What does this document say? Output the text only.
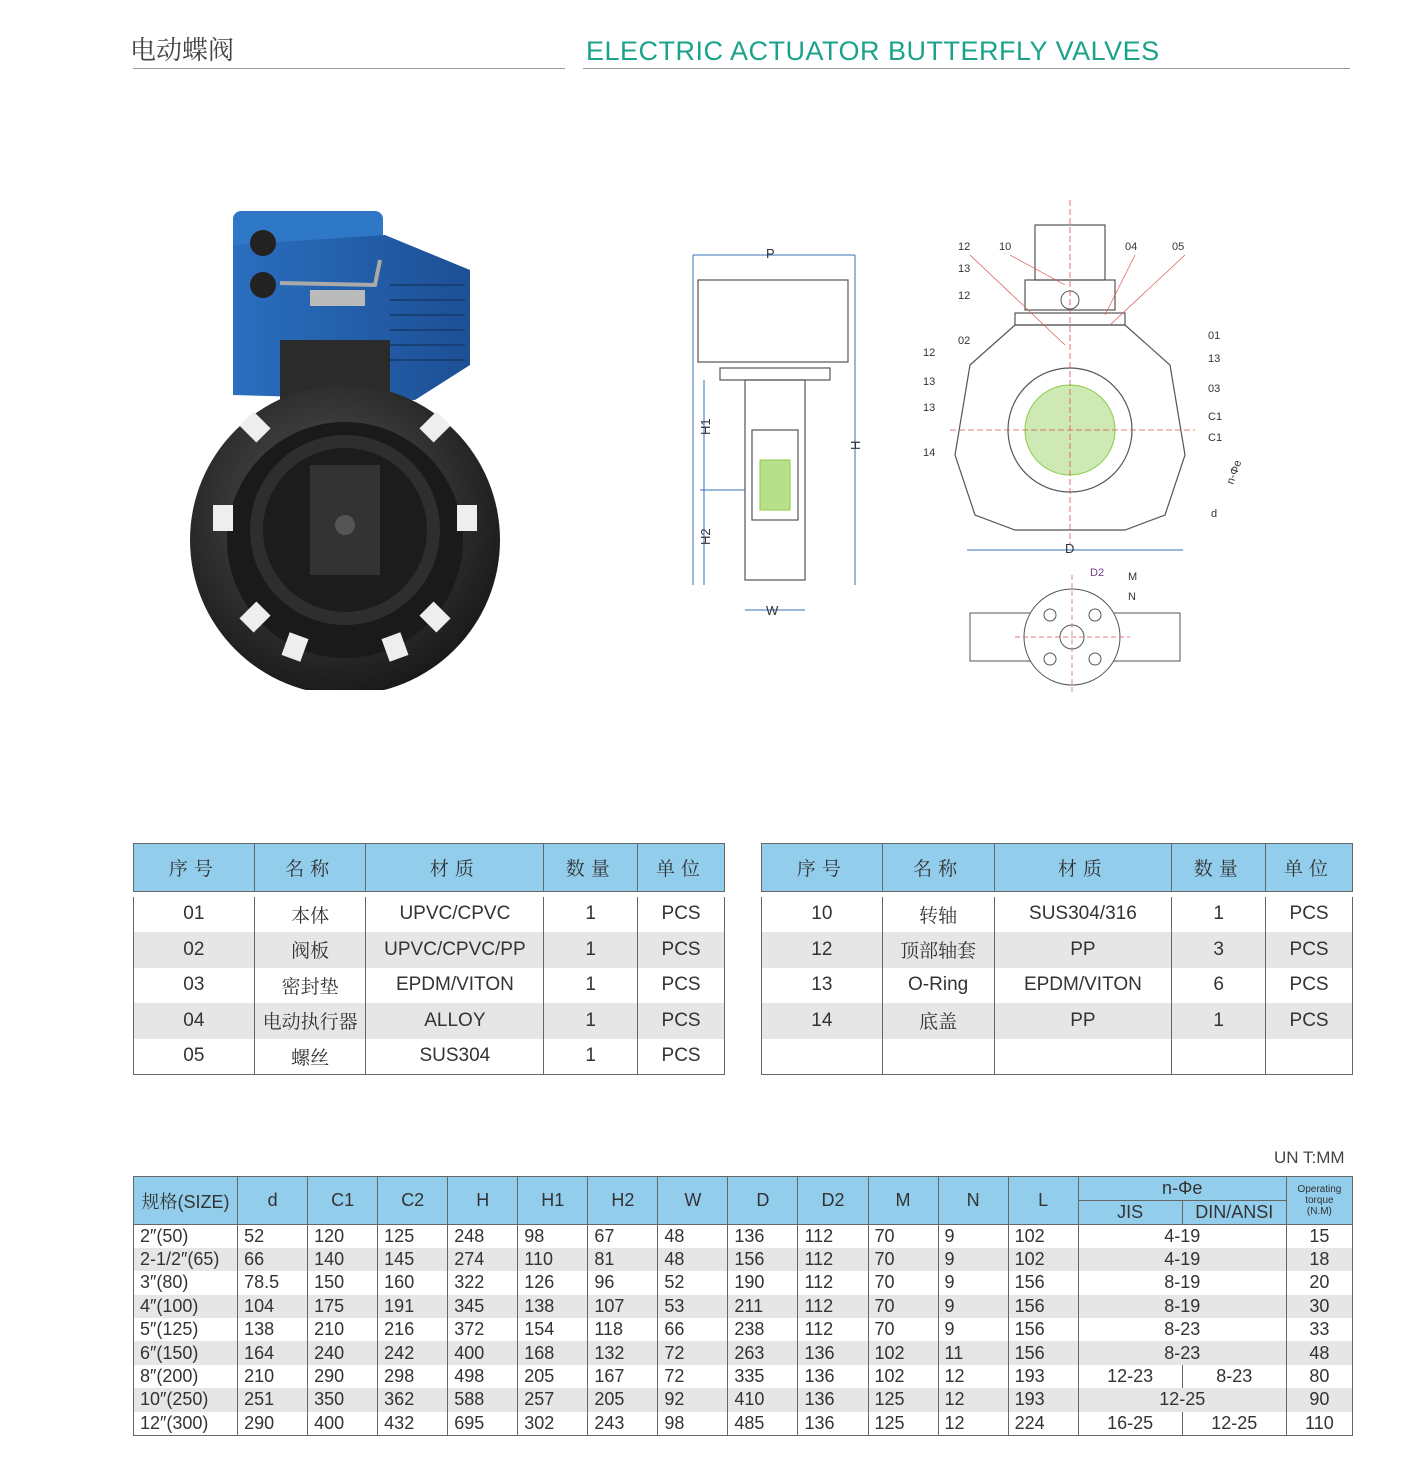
电动蝶阀	ELECTRIC ACTUATOR BUTTERFLY VALVES
P
H1
H2
H
W
12	10	04	05
13
12
01
02
13
12
03
13
C1
13
C1
14
n-Φe
d
D
D2 M
N
序号	名称	材质	数量	单位

01	本体	UPVC/CPVC	1	PCS
02	阀板	UPVC/CPVC/PP	1	PCS
03	密封垫	EPDM/VITON	1	PCS
04	电动执行器	ALLOY	1	PCS
05	螺丝	SUS304	1	PCS
序号	名称	材质	数量	单位

10	转轴	SUS304/316	1	PCS
12	顶部轴套	PP	3	PCS
13	O-Ring	EPDM/VITON	6	PCS
14	底盖	PP	1	PCS

UN T:MM
规格(SIZE)	d	C1	C2	H	H1	H2	W	D	D2	M	N	L	n-Φe		Operating
torque
(N.M)

													JIS	DIN/ANSI	
2″(50)	52	120	125	248	98	67	48	136	112	70	9	102	4-19		15
2-1/2″(65)	66	140	145	274	110	81	48	156	112	70	9	102	4-19		18
3″(80)	78.5	150	160	322	126	96	52	190	112	70	9	156	8-19		20
4″(100)	104	175	191	345	138	107	53	211	112	70	9	156	8-19		30
5″(125)	138	210	216	372	154	118	66	238	112	70	9	156	8-23		33
6″(150)	164	240	242	400	168	132	72	263	136	102	11	156	8-23		48
8″(200)	210	290	298	498	205	167	72	335	136	102	12	193	12-23	8-23	80
10″(250)	251	350	362	588	257	205	92	410	136	125	12	193	12-25		90
12″(300)	290	400	432	695	302	243	98	485	136	125	12	224	16-25	12-25	110
